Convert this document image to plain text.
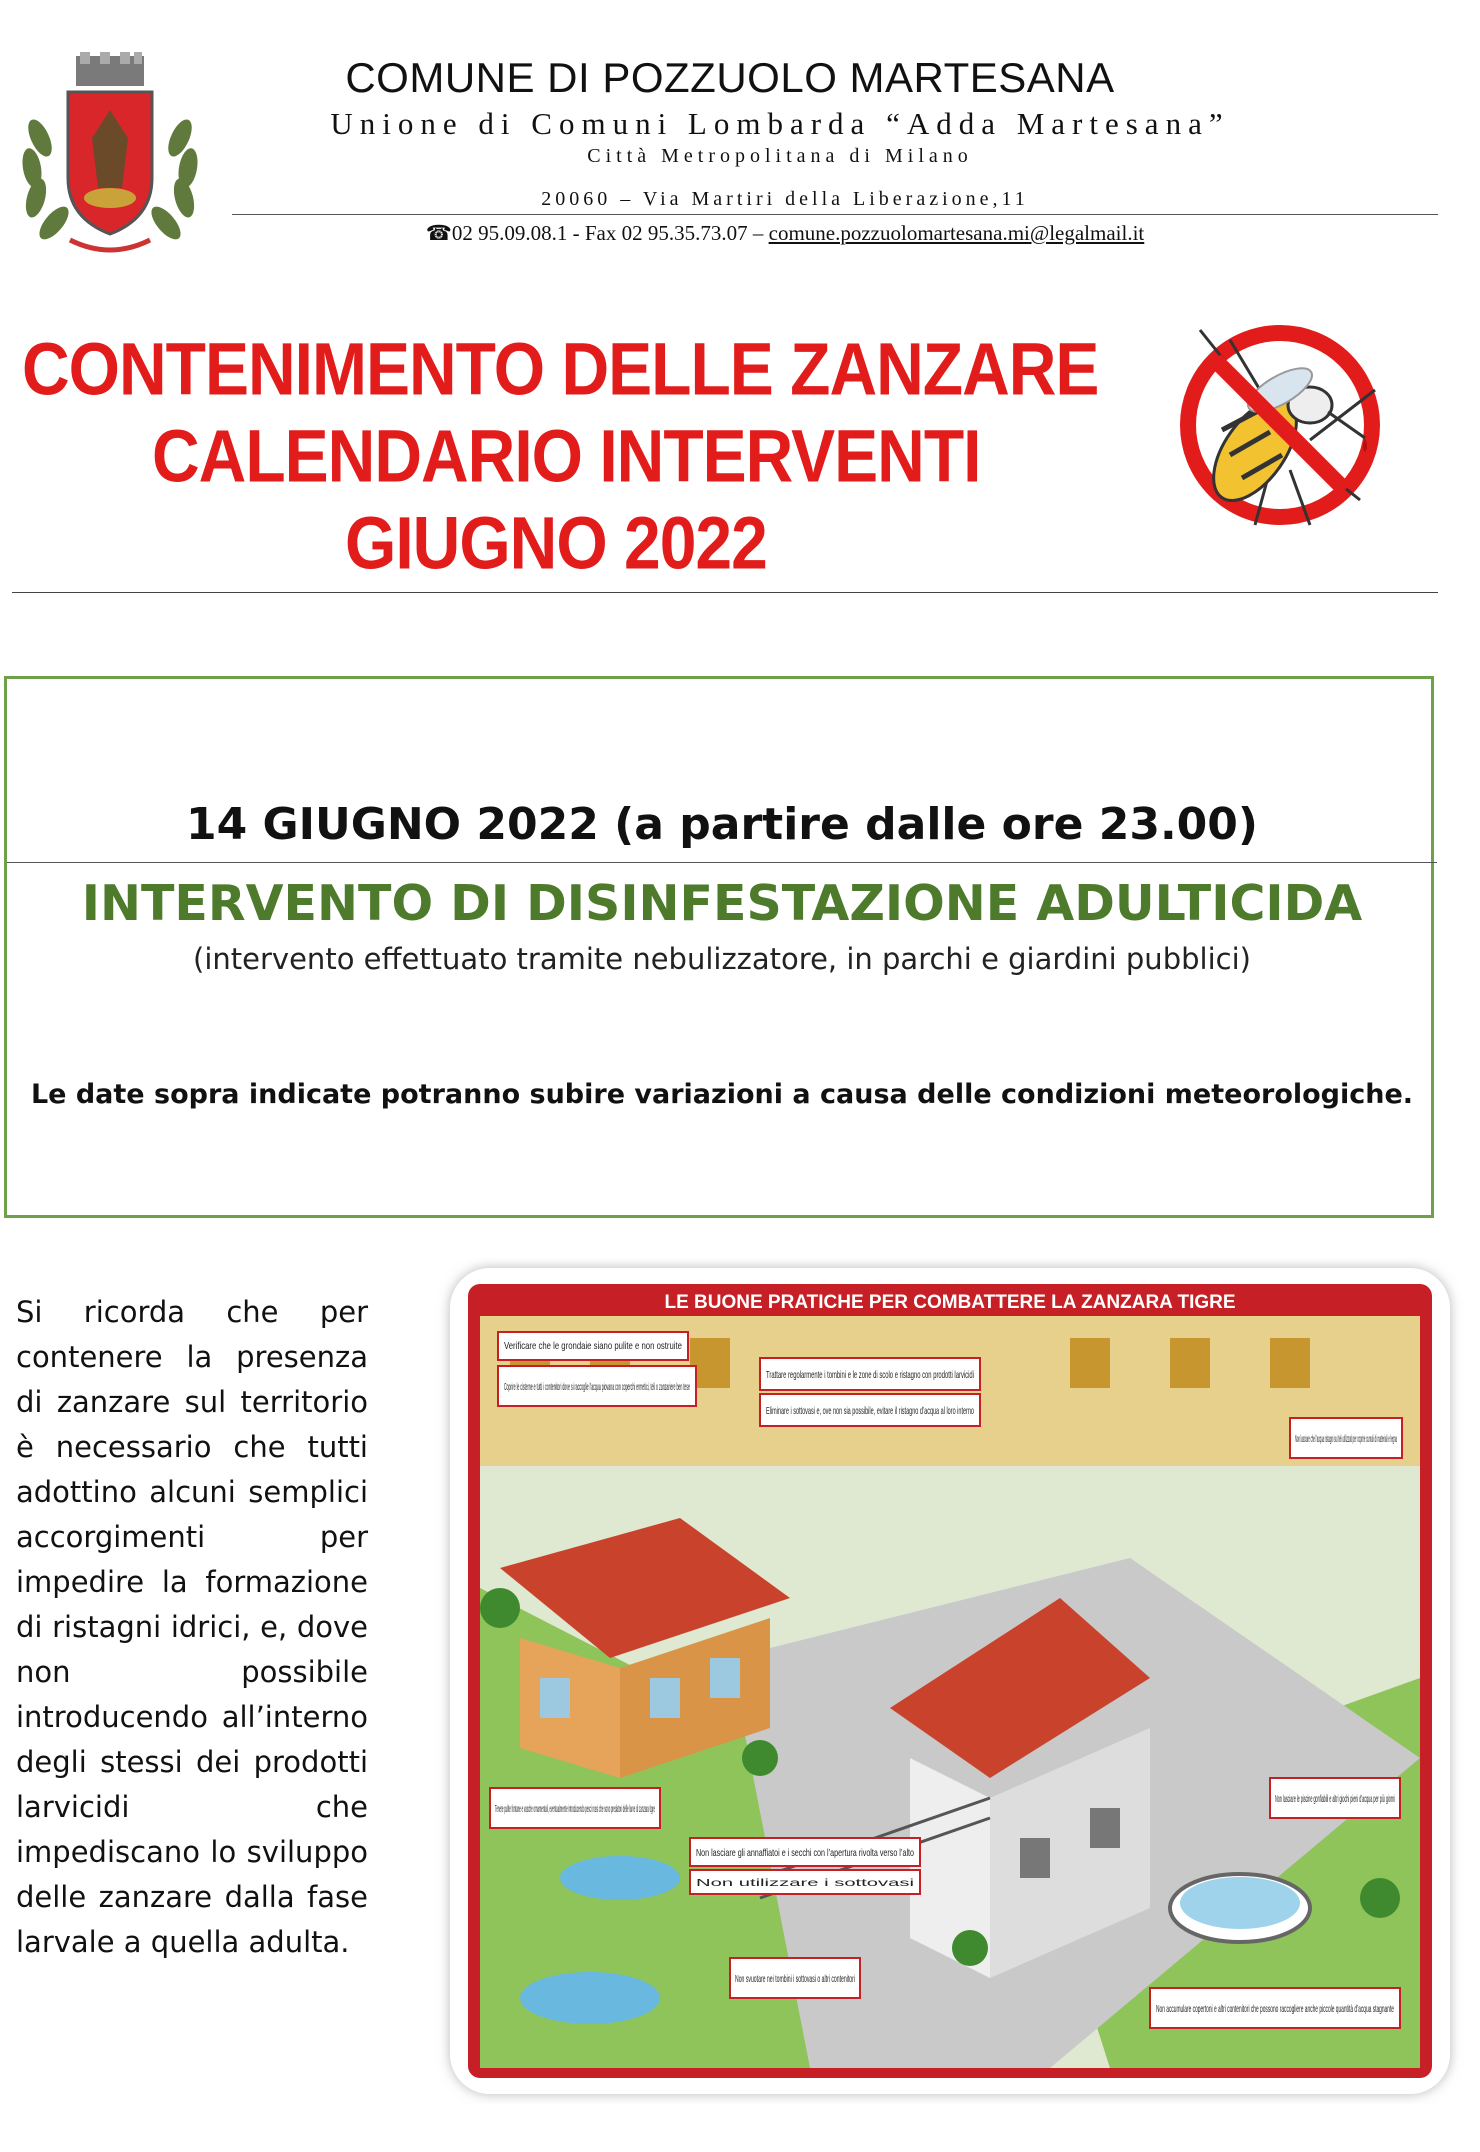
COMUNE DI POZZUOLO MARTESANA
Unione di Comuni Lombarda “Adda Martesana”
Città Metropolitana di Milano
20060 – Via Martiri della Liberazione,11
☎02 95.09.08.1 - Fax 02 95.35.73.07 – comune.pozzuolomartesana.mi@legalmail.it
CONTENIMENTO DELLE ZANZARE
CALENDARIO INTERVENTI
GIUGNO 2022
14 GIUGNO 2022 (a partire dalle ore 23.00)
INTERVENTO DI DISINFESTAZIONE ADULTICIDA
(intervento effettuato tramite nebulizzatore, in parchi e giardini pubblici)
Le date sopra indicate potranno subire variazioni a causa delle condizioni meteorologiche.
Si ricorda che per contenere la presenza di zanzare sul territorio è necessario che tutti adottino alcuni semplici accorgimenti per impedire la formazione di ristagni idrici, e, dove non possibile introducendo all’interno degli stessi dei prodotti larvicidi che impediscano lo sviluppo delle zanzare dalla fase larvale a quella adulta.
LE BUONE PRATICHE PER COMBATTERE LA ZANZARA TIGRE
Verificare che le grondaie siano pulite e non ostruite
Coprire le cisterne e tutti i contenitori dove si raccoglie l’acqua piovana con coperchi ermetici, teli o zanzariere ben tese
Trattare regolarmente i tombini e le zone di scolo e ristagno con prodotti larvicidi
Eliminare i sottovasi e, ove non sia possibile, evitare il ristagno d’acqua al loro interno
Non lasciare che l’acqua ristagni sui teli utilizzati per coprire cumuli di materiali e legna
Tenere pulite fontane e vasche ornamentali, eventualmente introducendo pesci rossi che sono predatori delle larve di zanzara tigre
Non lasciare gli annaffiatoi e i secchi con l’apertura rivolta verso l’alto
Non utilizzare i sottovasi
Non lasciare le piscine gonfiabili e altri giochi pieni d’acqua per più giorni
Non svuotare nei tombini i sottovasi o altri contenitori
Non accumulare copertoni e altri contenitori che possono raccogliere anche piccole quantità d’acqua stagnante
